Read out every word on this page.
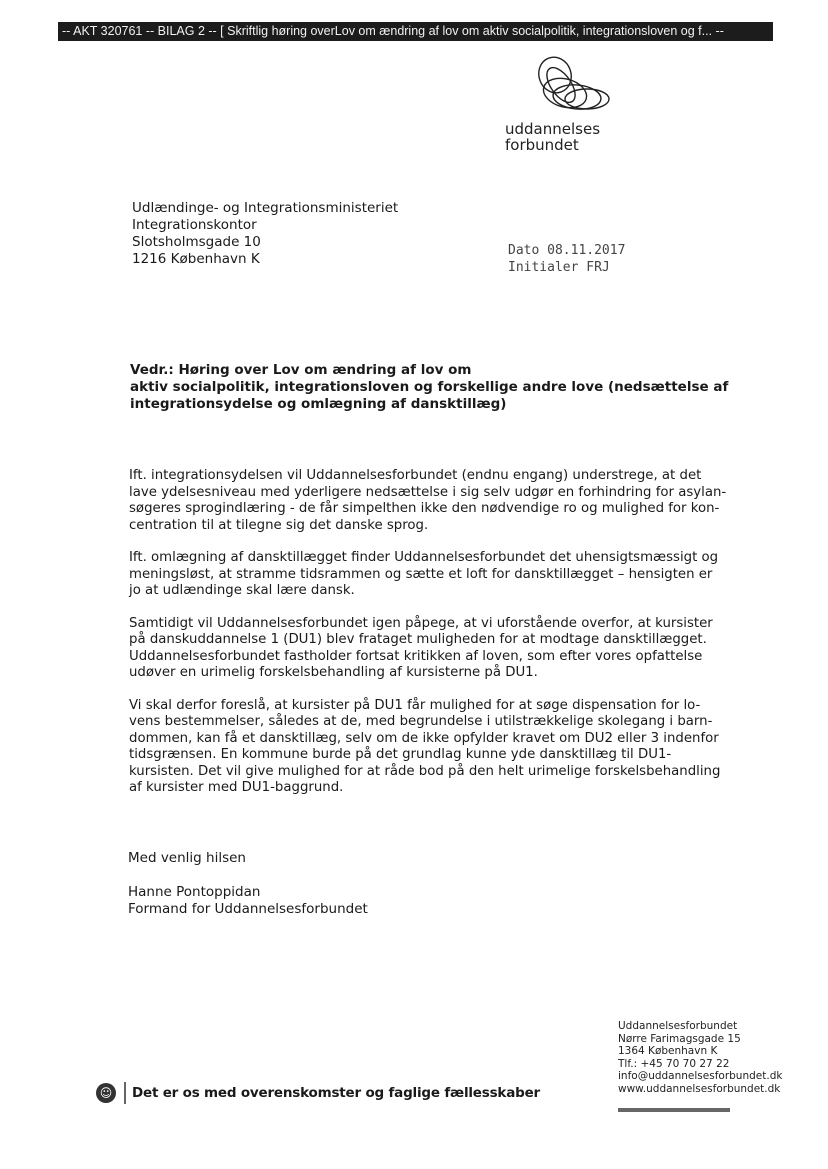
-- AKT 320761 -- BILAG 2 -- [ Skriftlig høring overLov om ændring af lov om aktiv socialpolitik, integrationsloven og f... --
uddannelses
forbundet
Udlændinge- og Integrationsministeriet
Integrationskontor
Slotsholmsgade 10
1216 København K
Dato 08.11.2017
Initialer FRJ
Vedr.: Høring over Lov om ændring af lov om
aktiv socialpolitik, integrationsloven og forskellige andre love (nedsættelse af
integrationsydelse og omlægning af dansktillæg)
Ift. integrationsydelsen vil Uddannelsesforbundet (endnu engang) understrege, at det
lave ydelsesniveau med yderligere nedsættelse i sig selv udgør en forhindring for asylan-
søgeres sprogindlæring - de får simpelthen ikke den nødvendige ro og mulighed for kon-
centration til at tilegne sig det danske sprog.
Ift. omlægning af dansktillægget finder Uddannelsesforbundet det uhensigtsmæssigt og
meningsløst, at stramme tidsrammen og sætte et loft for dansktillægget – hensigten er
jo at udlændinge skal lære dansk.
Samtidigt vil Uddannelsesforbundet igen påpege, at vi uforstående overfor, at kursister
på danskuddannelse 1 (DU1) blev frataget muligheden for at modtage dansktillægget.
Uddannelsesforbundet fastholder fortsat kritikken af loven, som efter vores opfattelse
udøver en urimelig forskelsbehandling af kursisterne på DU1.
Vi skal derfor foreslå, at kursister på DU1 får mulighed for at søge dispensation for lo-
vens bestemmelser, således at de, med begrundelse i utilstrækkelige skolegang i barn-
dommen, kan få et dansktillæg, selv om de ikke opfylder kravet om DU2 eller 3 indenfor
tidsgrænsen. En kommune burde på det grundlag kunne yde dansktillæg til DU1-
kursisten. Det vil give mulighed for at råde bod på den helt urimelige forskelsbehandling
af kursister med DU1-baggrund.
Med venlig hilsen
Hanne Pontoppidan
Formand for Uddannelsesforbundet
Uddannelsesforbundet
Nørre Farimagsgade 15
1364 København K
Tlf.: +45 70 70 27 22
info@uddannelsesforbundet.dk
www.uddannelsesforbundet.dk
☺ Det er os med overenskomster og faglige fællesskaber
